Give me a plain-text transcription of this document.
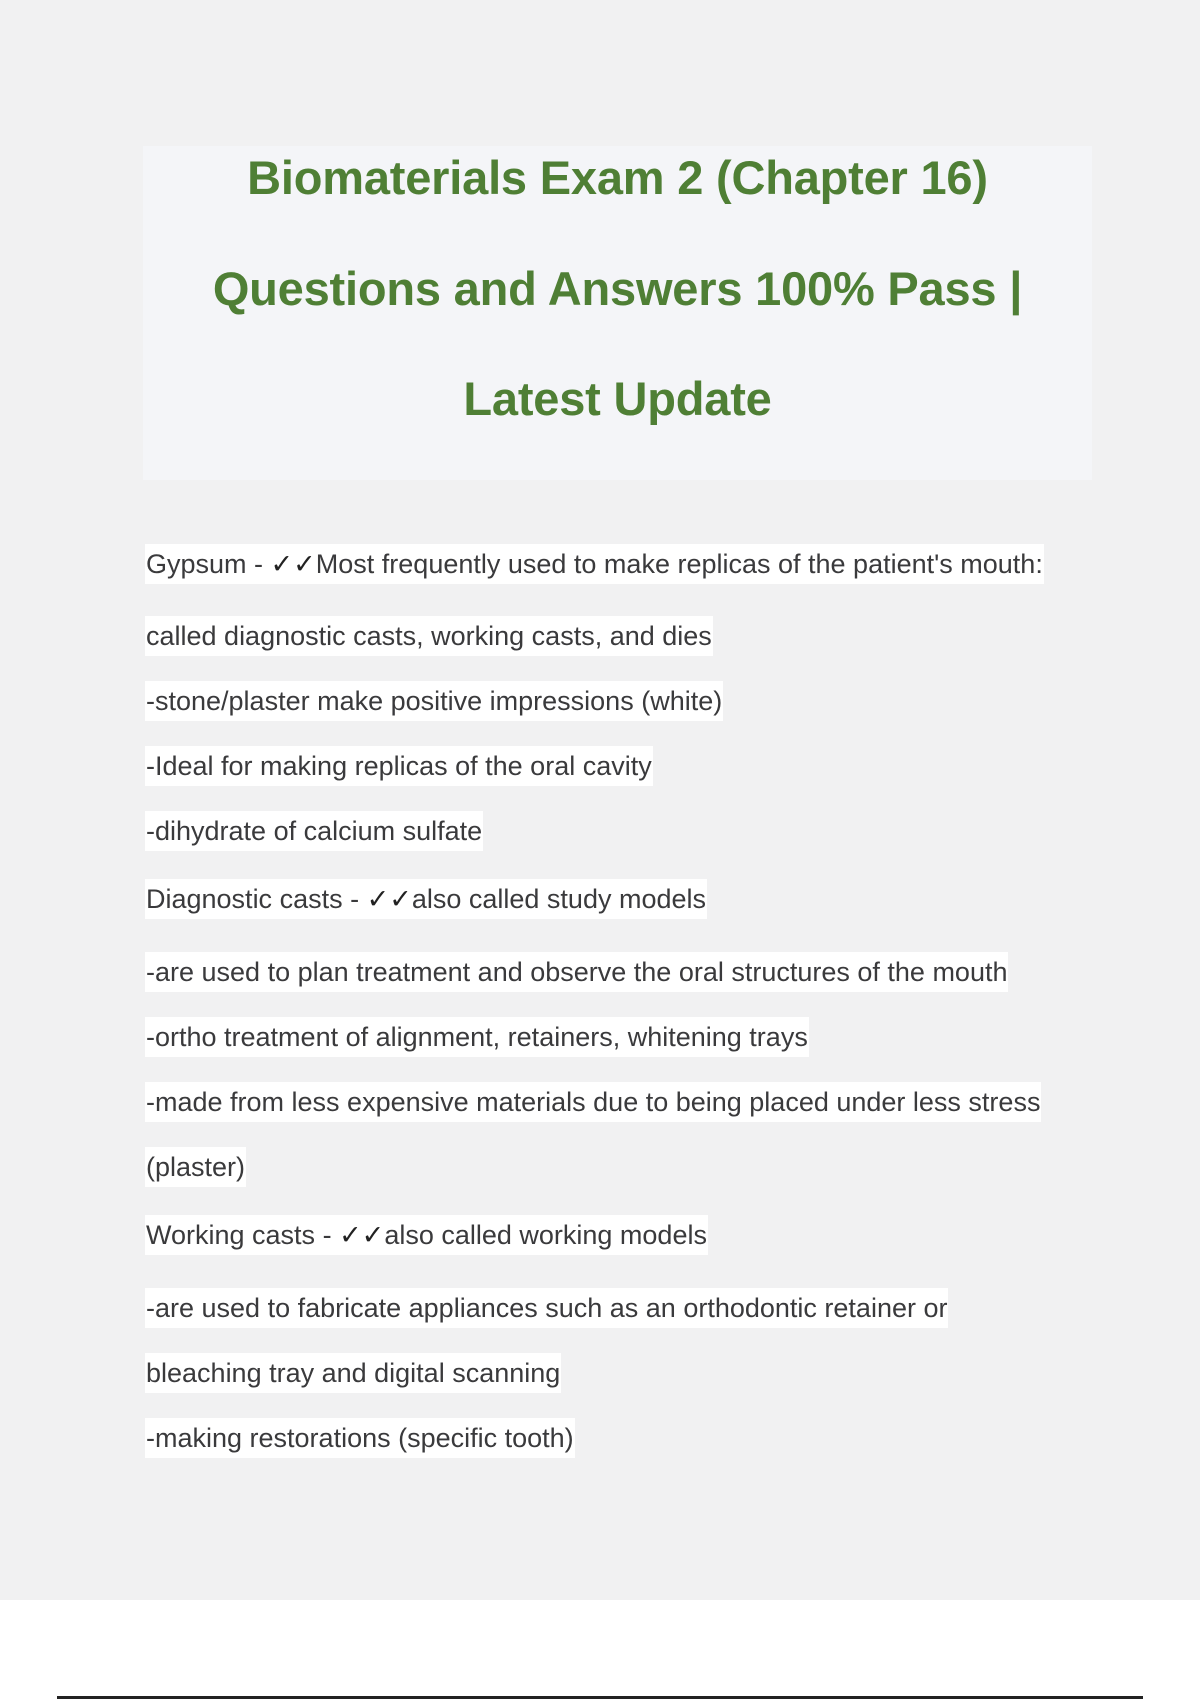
Biomaterials Exam 2 (Chapter 16)
Questions and Answers 100% Pass |
Latest Update
Gypsum - ✓✓Most frequently used to make replicas of the patient's mouth:
called diagnostic casts, working casts, and dies
-stone/plaster make positive impressions (white)
-Ideal for making replicas of the oral cavity
-dihydrate of calcium sulfate
Diagnostic casts - ✓✓also called study models
-are used to plan treatment and observe the oral structures of the mouth
-ortho treatment of alignment, retainers, whitening trays
-made from less expensive materials due to being placed under less stress
(plaster)
Working casts - ✓✓also called working models
-are used to fabricate appliances such as an orthodontic retainer or
bleaching tray and digital scanning
-making restorations (specific tooth)
